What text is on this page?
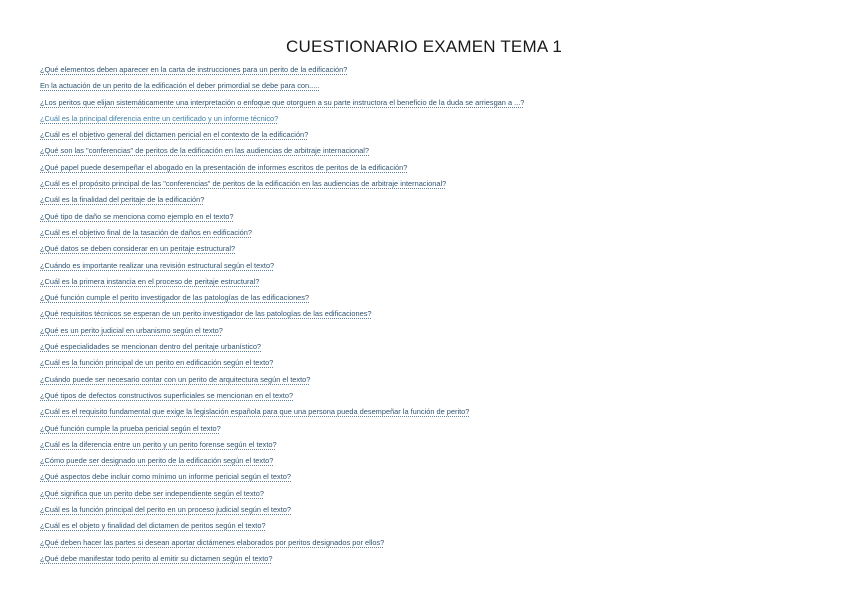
CUESTIONARIO EXAMEN TEMA 1
¿Qué elementos deben aparecer en la carta de instrucciones para un perito de la edificación?
En la actuación de un perito de la edificación el deber primordial se debe para con.....
¿Los peritos que elijan sistemáticamente una interpretación o enfoque que otorguen a su parte instructora el beneficio de la duda se arriesgan a ...?
¿Cuál es la principal diferencia entre un certificado y un informe técnico?
¿Cuál es el objetivo general del dictamen pericial en el contexto de la edificación?
¿Qué son las "conferencias" de peritos de la edificación en las audiencias de arbitraje internacional?
¿Qué papel puede desempeñar el abogado en la presentación de informes escritos de peritos de la edificación?
¿Cuál es el propósito principal de las "conferencias" de peritos de la edificación en las audiencias de arbitraje internacional?
¿Cuál es la finalidad del peritaje de la edificación?
¿Qué tipo de daño se menciona como ejemplo en el texto?
¿Cuál es el objetivo final de la tasación de daños en edificación?
¿Qué datos se deben considerar en un peritaje estructural?
¿Cuándo es importante realizar una revisión estructural según el texto?
¿Cuál es la primera instancia en el proceso de peritaje estructural?
¿Qué función cumple el perito investigador de las patologías de las edificaciones?
¿Qué requisitos técnicos se esperan de un perito investigador de las patologías de las edificaciones?
¿Qué es un perito judicial en urbanismo según el texto?
¿Qué especialidades se mencionan dentro del peritaje urbanístico?
¿Cuál es la función principal de un perito en edificación según el texto?
¿Cuándo puede ser necesario contar con un perito de arquitectura según el texto?
¿Qué tipos de defectos constructivos superficiales se mencionan en el texto?
¿Cuál es el requisito fundamental que exige la legislación española para que una persona pueda desempeñar la función de perito?
¿Qué función cumple la prueba pericial según el texto?
¿Cuál es la diferencia entre un perito y un perito forense según el texto?
¿Cómo puede ser designado un perito de la edificación según el texto?
¿Qué aspectos debe incluir como mínimo un informe pericial según el texto?
¿Qué significa que un perito debe ser independiente según el texto?
¿Cuál es la función principal del perito en un proceso judicial según el texto?
¿Cuál es el objeto y finalidad del dictamen de peritos según el texto?
¿Qué deben hacer las partes si desean aportar dictámenes elaborados por peritos designados por ellos?
¿Qué debe manifestar todo perito al emitir su dictamen según el texto?
